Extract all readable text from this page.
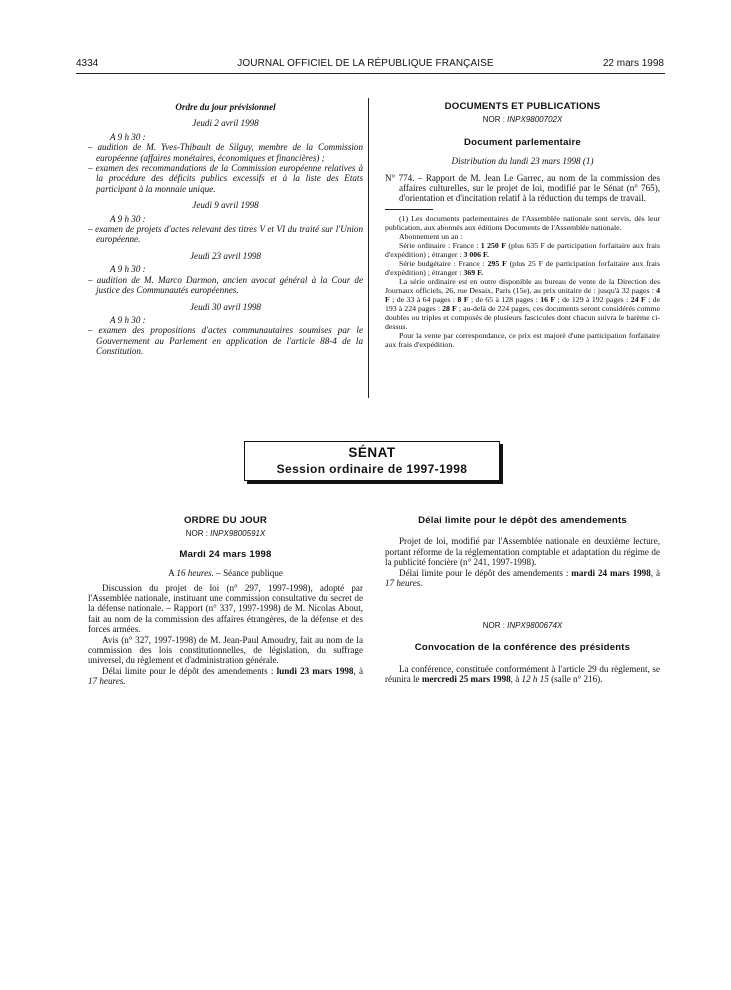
4334	JOURNAL OFFICIEL DE LA RÉPUBLIQUE FRANÇAISE	22 mars 1998
Ordre du jour prévisionnel
Jeudi 2 avril 1998
A 9 h 30 :
– audition de M. Yves-Thibault de Silguy, membre de la Commission européenne (affaires monétaires, économiques et financières) ;
– examen des recommandations de la Commission européenne relatives à la procédure des déficits publics excessifs et à la liste des Etats participant à la monnaie unique.
Jeudi 9 avril 1998
A 9 h 30 :
– examen de projets d'actes relevant des titres V et VI du traité sur l'Union européenne.
Jeudi 23 avril 1998
A 9 h 30 :
– audition de M. Marco Darmon, ancien avocat général à la Cour de justice des Communautés européennes.
Jeudi 30 avril 1998
A 9 h 30 :
– examen des propositions d'actes communautaires soumises par le Gouvernement au Parlement en application de l'article 88-4 de la Constitution.
DOCUMENTS ET PUBLICATIONS
NOR : INPX9800702X
Document parlementaire
Distribution du lundi 23 mars 1998 (1)
N° 774. – Rapport de M. Jean Le Garrec, au nom de la commission des affaires culturelles, sur le projet de loi, modifié par le Sénat (n° 765), d'orientation et d'incitation relatif à la réduction du temps de travail.
(1) Les documents parlementaires de l'Assemblée nationale sont servis, dès leur publication, aux abonnés aux éditions Documents de l'Assemblée nationale.
Abonnement un an :
Série ordinaire : France : 1 250 F (plus 635 F de participation forfaitaire aux frais d'expédition) ; étranger : 3 006 F.
Série budgétaire : France : 295 F (plus 25 F de participation forfaitaire aux frais d'expédition) ; étranger : 369 F.
La série ordinaire est en outre disponible au bureau de vente de la Direction des Journaux officiels, 26, rue Desaix, Paris (15e), au prix unitaire de : jusqu'à 32 pages : 4 F ; de 33 à 64 pages : 8 F ; de 65 à 128 pages : 16 F ; de 129 à 192 pages : 24 F ; de 193 à 224 pages : 28 F ; au-delà de 224 pages, ces documents seront considérés comme doubles ou triples et composés de plusieurs fascicules dont chacun suivra le barème ci-dessus.
Pour la vente par correspondance, ce prix est majoré d'une participation forfaitaire aux frais d'expédition.
SÉNAT
Session ordinaire de 1997-1998
ORDRE DU JOUR
NOR : INPX9800591X
Mardi 24 mars 1998
A 16 heures. – Séance publique
Discussion du projet de loi (n° 297, 1997-1998), adopté par l'Assemblée nationale, instituant une commission consultative du secret de la défense nationale. – Rapport (n° 337, 1997-1998) de M. Nicolas About, fait au nom de la commission des affaires étrangères, de la défense et des forces armées.
Avis (n° 327, 1997-1998) de M. Jean-Paul Amoudry, fait au nom de la commission des lois constitutionnelles, de législation, du suffrage universel, du règlement et d'administration générale.
Délai limite pour le dépôt des amendements : lundi 23 mars 1998, à 17 heures.
Délai limite pour le dépôt des amendements
Projet de loi, modifié par l'Assemblée nationale en deuxième lecture, portant réforme de la réglementation comptable et adaptation du régime de la publicité foncière (n° 241, 1997-1998).
Délai limite pour le dépôt des amendements : mardi 24 mars 1998, à 17 heures.
NOR : INPX9800674X
Convocation de la conférence des présidents
La conférence, constituée conformément à l'article 29 du règlement, se réunira le mercredi 25 mars 1998, à 12 h 15 (salle n° 216).
